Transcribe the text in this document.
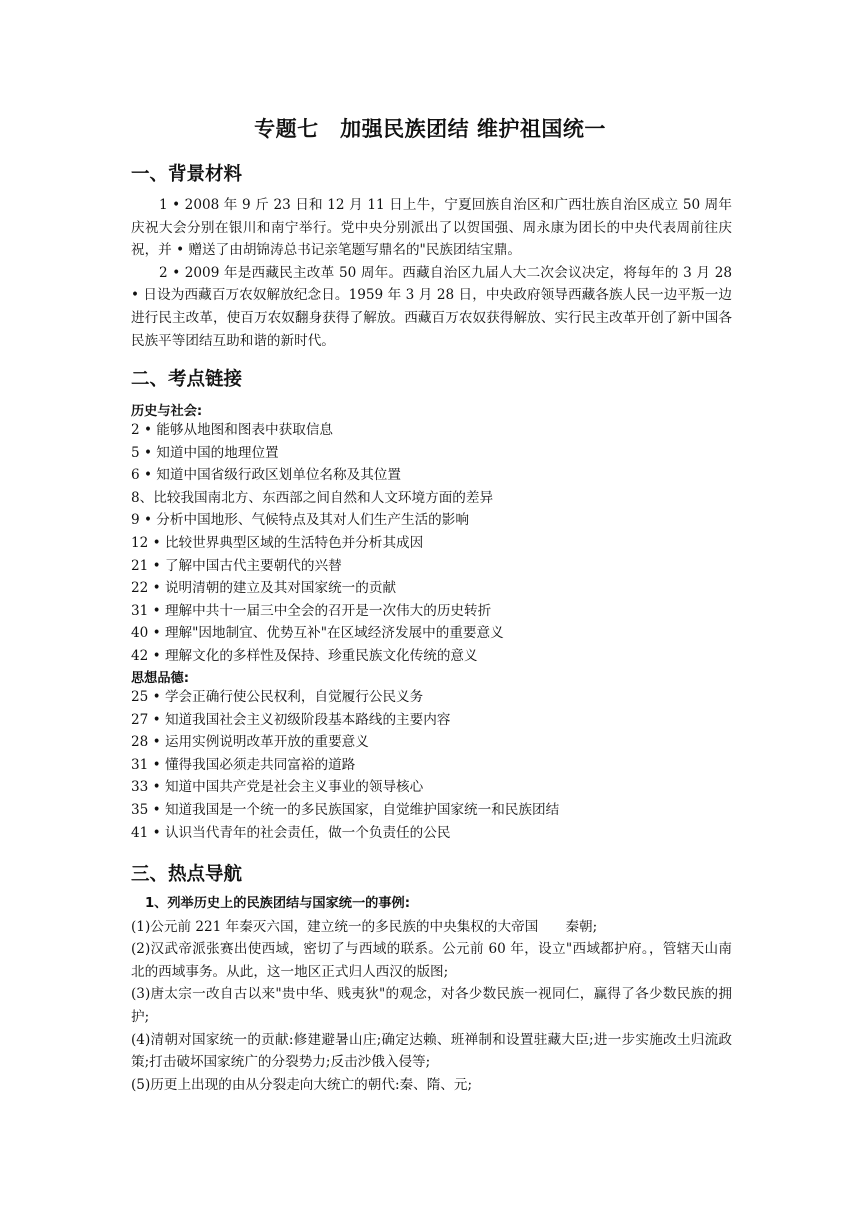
专题七　加强民族团结 维护祖国统一
一、背景材料

1 • 2008 年 9 斤 23 日和 12 月 11 日上牛，宁夏回族自治区和广西壮族自治区成立 50 周年庆祝大会分别在银川和南宁举行。党中央分别派出了以贺国强、周永康为团长的中央代表周前往庆祝，并 • 赠送了由胡锦涛总书记亲笔题写鼎名的"民族团结宝鼎。

2 • 2009 年是西藏民主改革 50 周年。西藏自治区九届人大二次会议决定，将每年的 3 月 28 • 日设为西藏百万农奴解放纪念日。1959 年 3 月 28 日，中央政府领导西藏各族人民一边平叛一边进行民主改革，使百万农奴翻身获得了解放。西藏百万农奴获得解放、实行民主改革开创了新中国各民族平等团结互助和谐的新时代。

二、考点链接
历史与社会:
2 • 能够从地图和图表中获取信息
5 • 知道中国的地理位置
6 • 知道中国省级行政区划单位名称及其位置
8、比较我国南北方、东西部之间自然和人文环境方面的差异
9 • 分析中国地形、气候特点及其对人们生产生活的影响
12 • 比较世界典型区域的生活特色并分析其成因
21 • 了解中国古代主要朝代的兴替
22 • 说明清朝的建立及其对国家统一的贡献
31 • 理解中共十一届三中全会的召开是一次伟大的历史转折
40 • 理解"因地制宜、优势互补"在区域经济发展中的重要意义
42 • 理解文化的多样性及保持、珍重民族文化传统的意义
思想品德:
25 • 学会正确行使公民权利，自觉履行公民义务
27 • 知道我国社会主义初级阶段基本路线的主要内容
28 • 运用实例说明改革开放的重要意义
31 • 懂得我国必须走共同富裕的道路
33 • 知道中国共产党是社会主义事业的领导核心
35 • 知道我国是一个统一的多民族国家，自觉维护国家统一和民族团结
41 • 认识当代青年的社会责任，做一个负责任的公民
三、热点导航

1、列举历史上的民族团结与国家统一的事例:

(1)公元前 221 年秦灭六国，建立统一的多民族的中央集权的大帝国　　秦朝;

(2)汉武帝派张赛出使西域，密切了与西域的联系。公元前 60 年，设立"西域都护府。，管辖天山南北的西域事务。从此，这一地区正式归人西汉的版图;

(3)唐太宗一改自古以来"贵中华、贱夷狄"的观念，对各少数民族一视同仁，赢得了各少数民族的拥护;

(4)清朝对国家统一的贡献:修建避暑山庄;确定达赖、班禅制和设置驻藏大臣;进一步实施改土归流政策;打击破坏国家统广的分裂势力;反击沙俄入侵等;

(5)历更上出现的由从分裂走向大统亡的朝代:秦、隋、元;
